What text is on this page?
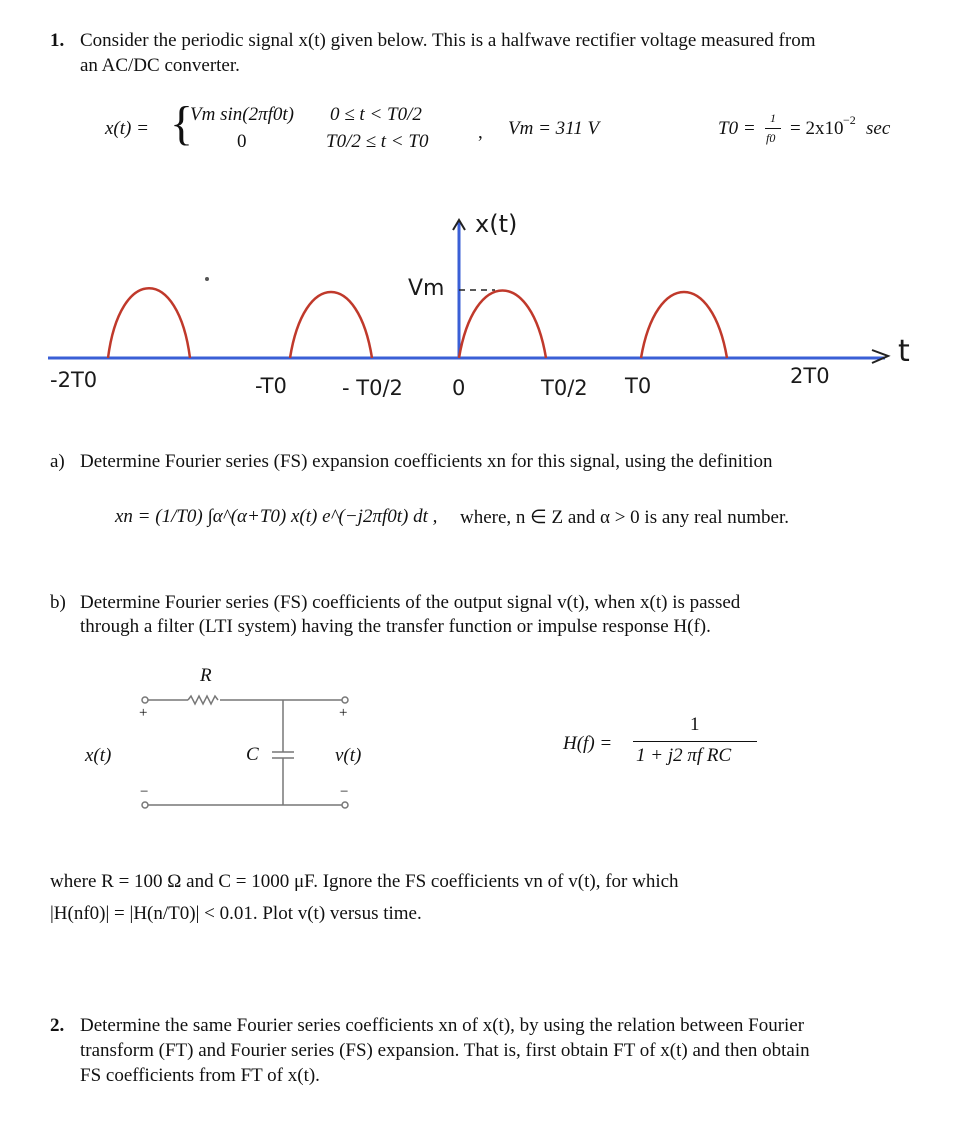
1. Consider the periodic signal x(t) given below. This is a halfwave rectifier voltage measured from
an AC/DC converter.
x(t) = {
Vm sin(2πf0t) 0 ≤ t < T0/2
0	T0/2 ≤ t < T0	, Vm = 311 V	T0 = 1
f0 = 2x10 −2 sec
x(t)
Vm
t
-2T0	-T0	- T0/2 0	T0/2 T0	2T0
a) Determine Fourier series (FS) expansion coefficients xn for this signal, using the definition
xn = (1/T0) ∫α^(α+T0) x(t) e^(−j2πf0t) dt , where, n ∈ Z and α > 0 is any real number.
b) Determine Fourier series (FS) coefficients of the output signal v(t), when x(t) is passed
through a filter (LTI system) having the transfer function or impulse response H(f).
R
C
x(t)	v(t)
+
−
+
−
H(f) =
1
1 + j2 πf RC
where R = 100 Ω and C = 1000 μF. Ignore the FS coefficients vn of v(t), for which
|H(nf0)| = |H(n/T0)| < 0.01. Plot v(t) versus time.
2. Determine the same Fourier series coefficients xn of x(t), by using the relation between Fourier
transform (FT) and Fourier series (FS) expansion. That is, first obtain FT of x(t) and then obtain
FS coefficients from FT of x(t).
